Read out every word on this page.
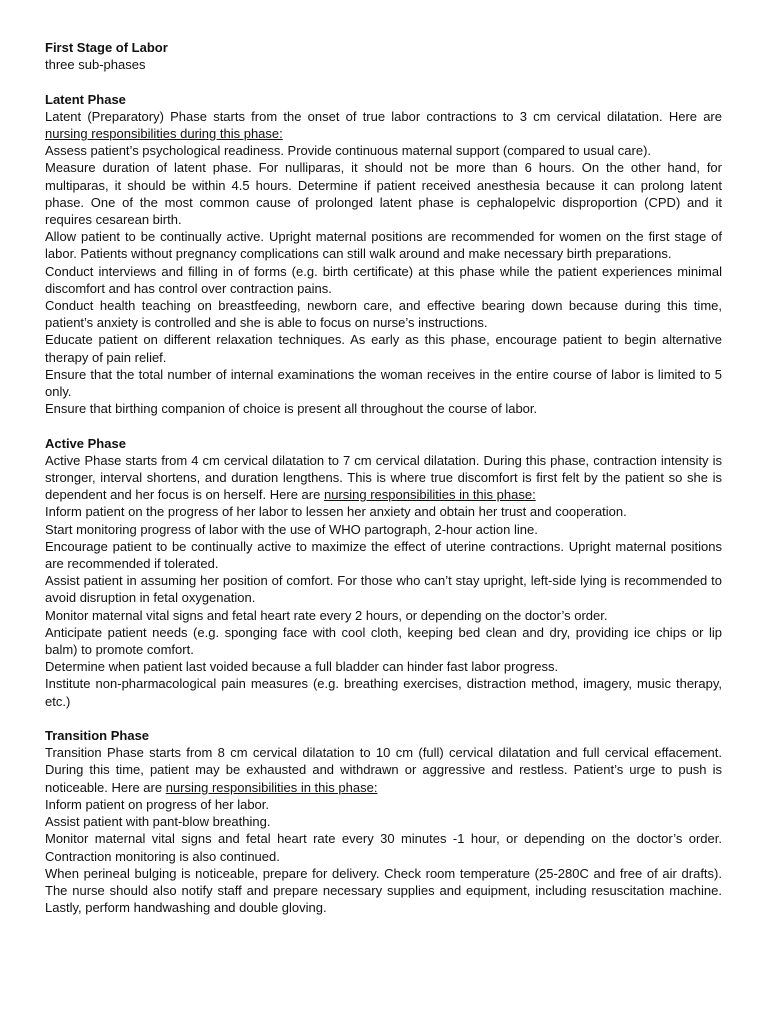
First Stage of Labor

three sub-phases

Latent Phase

Latent (Preparatory) Phase starts from the onset of true labor contractions to 3 cm cervical dilatation. Here are nursing responsibilities during this phase:

Assess patient’s psychological readiness. Provide continuous maternal support (compared to usual care).

Measure duration of latent phase. For nulliparas, it should not be more than 6 hours. On the other hand, for multiparas, it should be within 4.5 hours. Determine if patient received anesthesia because it can prolong latent phase. One of the most common cause of prolonged latent phase is cephalopelvic disproportion (CPD) and it requires cesarean birth.

Allow patient to be continually active. Upright maternal positions are recommended for women on the first stage of labor. Patients without pregnancy complications can still walk around and make necessary birth preparations.

Conduct interviews and filling in of forms (e.g. birth certificate) at this phase while the patient experiences minimal discomfort and has control over contraction pains.

Conduct health teaching on breastfeeding, newborn care, and effective bearing down because during this time, patient’s anxiety is controlled and she is able to focus on nurse’s instructions.

Educate patient on different relaxation techniques. As early as this phase, encourage patient to begin alternative therapy of pain relief.

Ensure that the total number of internal examinations the woman receives in the entire course of labor is limited to 5 only.

Ensure that birthing companion of choice is present all throughout the course of labor.

Active Phase

Active Phase starts from 4 cm cervical dilatation to 7 cm cervical dilatation. During this phase, contraction intensity is stronger, interval shortens, and duration lengthens. This is where true discomfort is first felt by the patient so she is dependent and her focus is on herself. Here are nursing responsibilities in this phase:

Inform patient on the progress of her labor to lessen her anxiety and obtain her trust and cooperation.

Start monitoring progress of labor with the use of WHO partograph, 2-hour action line.

Encourage patient to be continually active to maximize the effect of uterine contractions. Upright maternal positions are recommended if tolerated.

Assist patient in assuming her position of comfort. For those who can’t stay upright, left-side lying is recommended to avoid disruption in fetal oxygenation.

Monitor maternal vital signs and fetal heart rate every 2 hours, or depending on the doctor’s order.

Anticipate patient needs (e.g. sponging face with cool cloth, keeping bed clean and dry, providing ice chips or lip balm) to promote comfort.

Determine when patient last voided because a full bladder can hinder fast labor progress.

Institute non-pharmacological pain measures (e.g. breathing exercises, distraction method, imagery, music therapy, etc.)

Transition Phase

Transition Phase starts from 8 cm cervical dilatation to 10 cm (full) cervical dilatation and full cervical effacement. During this time, patient may be exhausted and withdrawn or aggressive and restless. Patient’s urge to push is noticeable. Here are nursing responsibilities in this phase:

Inform patient on progress of her labor.

Assist patient with pant-blow breathing.

Monitor maternal vital signs and fetal heart rate every 30 minutes -1 hour, or depending on the doctor’s order. Contraction monitoring is also continued.

When perineal bulging is noticeable, prepare for delivery. Check room temperature (25-280C and free of air drafts). The nurse should also notify staff and prepare necessary supplies and equipment, including resuscitation machine. Lastly, perform handwashing and double gloving.
